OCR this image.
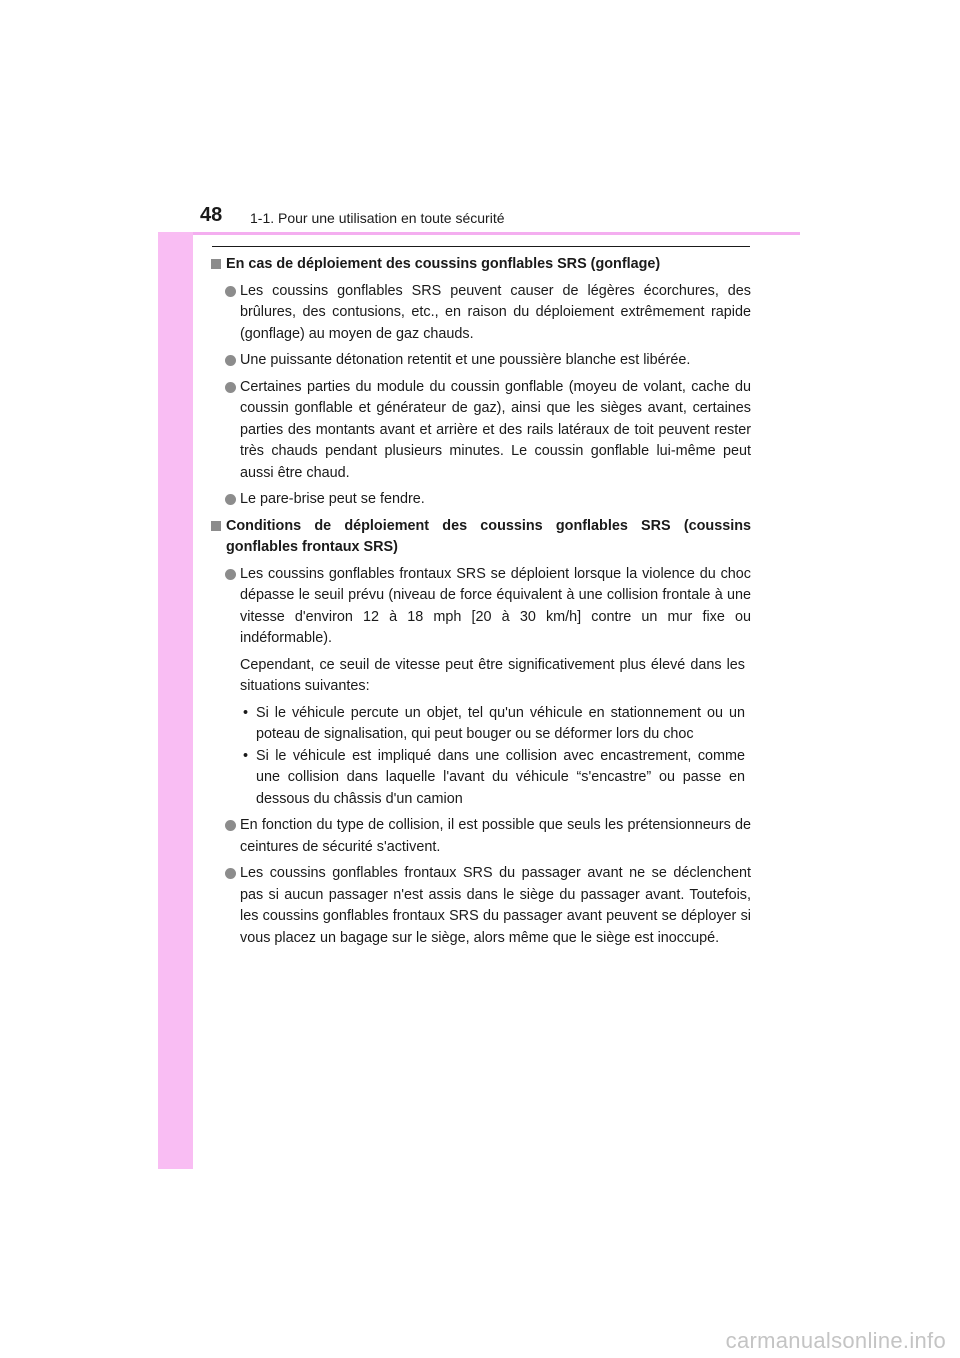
48 1-1. Pour une utilisation en toute sécurité
En cas de déploiement des coussins gonflables SRS (gonflage)
Les coussins gonflables SRS peuvent causer de légères écorchures, des brûlures, des contusions, etc., en raison du déploiement extrêmement rapide (gonflage) au moyen de gaz chauds.
Une puissante détonation retentit et une poussière blanche est libérée.
Certaines parties du module du coussin gonflable (moyeu de volant, cache du coussin gonflable et générateur de gaz), ainsi que les sièges avant, certaines parties des montants avant et arrière et des rails latéraux de toit peuvent rester très chauds pendant plusieurs minutes. Le coussin gonflable lui-même peut aussi être chaud.
Le pare-brise peut se fendre.
Conditions de déploiement des coussins gonflables SRS (coussins gonflables frontaux SRS)
Les coussins gonflables frontaux SRS se déploient lorsque la violence du choc dépasse le seuil prévu (niveau de force équivalent à une collision frontale à une vitesse d'environ 12 à 18 mph [20 à 30 km/h] contre un mur fixe ou indéformable).
Cependant, ce seuil de vitesse peut être significativement plus élevé dans les situations suivantes:
• Si le véhicule percute un objet, tel qu'un véhicule en stationnement ou un poteau de signalisation, qui peut bouger ou se déformer lors du choc
• Si le véhicule est impliqué dans une collision avec encastrement, comme une collision dans laquelle l'avant du véhicule “s'encastre” ou passe en dessous du châssis d'un camion
En fonction du type de collision, il est possible que seuls les prétensionneurs de ceintures de sécurité s'activent.
Les coussins gonflables frontaux SRS du passager avant ne se déclenchent pas si aucun passager n'est assis dans le siège du passager avant. Toutefois, les coussins gonflables frontaux SRS du passager avant peuvent se déployer si vous placez un bagage sur le siège, alors même que le siège est inoccupé.
carmanualsonline.info
